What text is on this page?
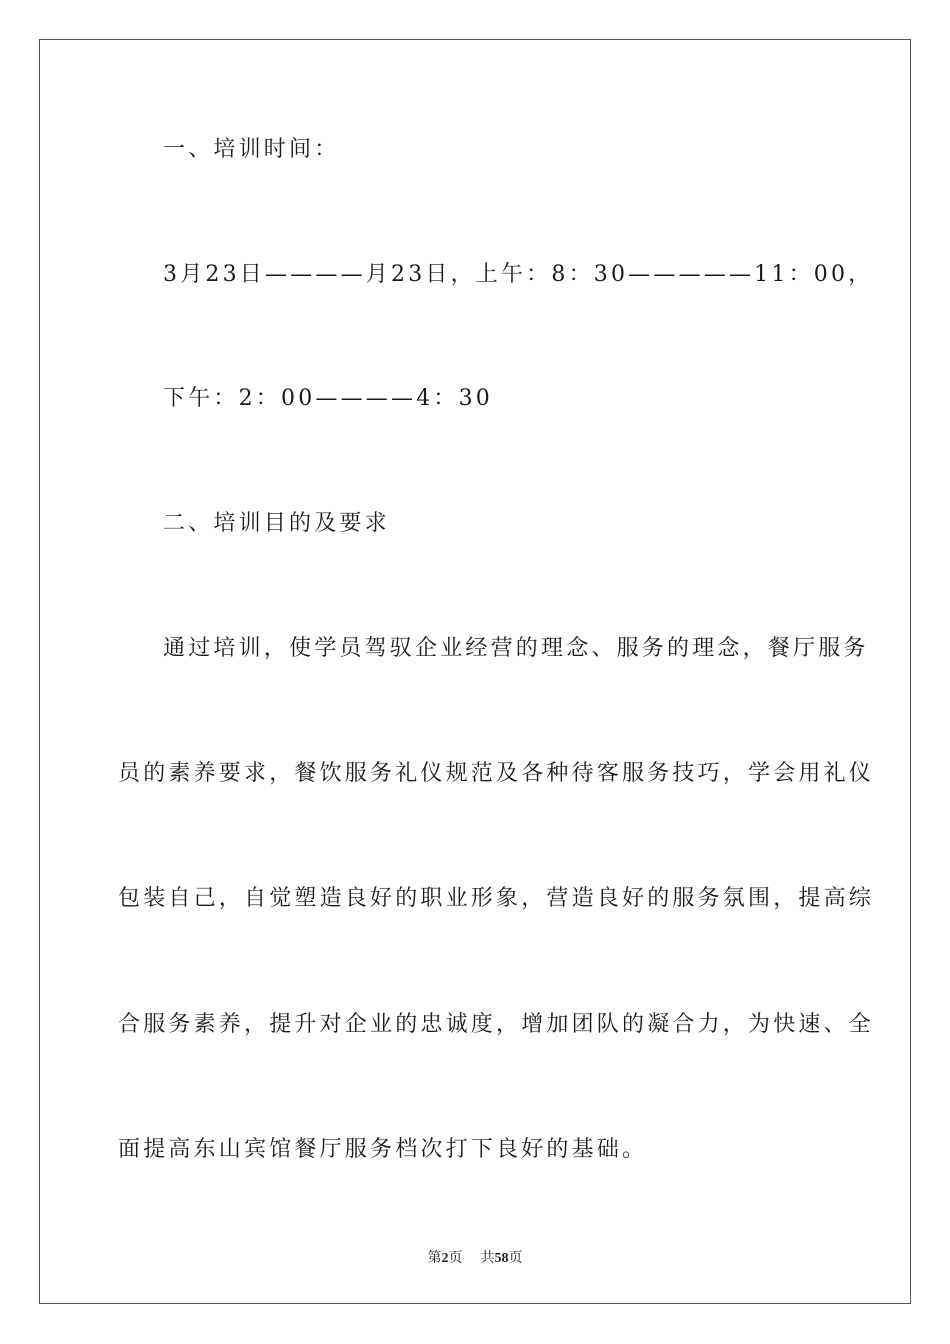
一、培训时间：
3月23日————月23日，上午：8：30—————11：00，
下午：2：00————4：30
二、培训目的及要求
通过培训，使学员驾驭企业经营的理念、服务的理念，餐厅服务
员的素养要求，餐饮服务礼仪规范及各种待客服务技巧，学会用礼仪
包装自己，自觉塑造良好的职业形象，营造良好的服务氛围，提高综
合服务素养，提升对企业的忠诚度，增加团队的凝合力，为快速、全
面提高东山宾馆餐厅服务档次打下良好的基础。
第2页 共58页
